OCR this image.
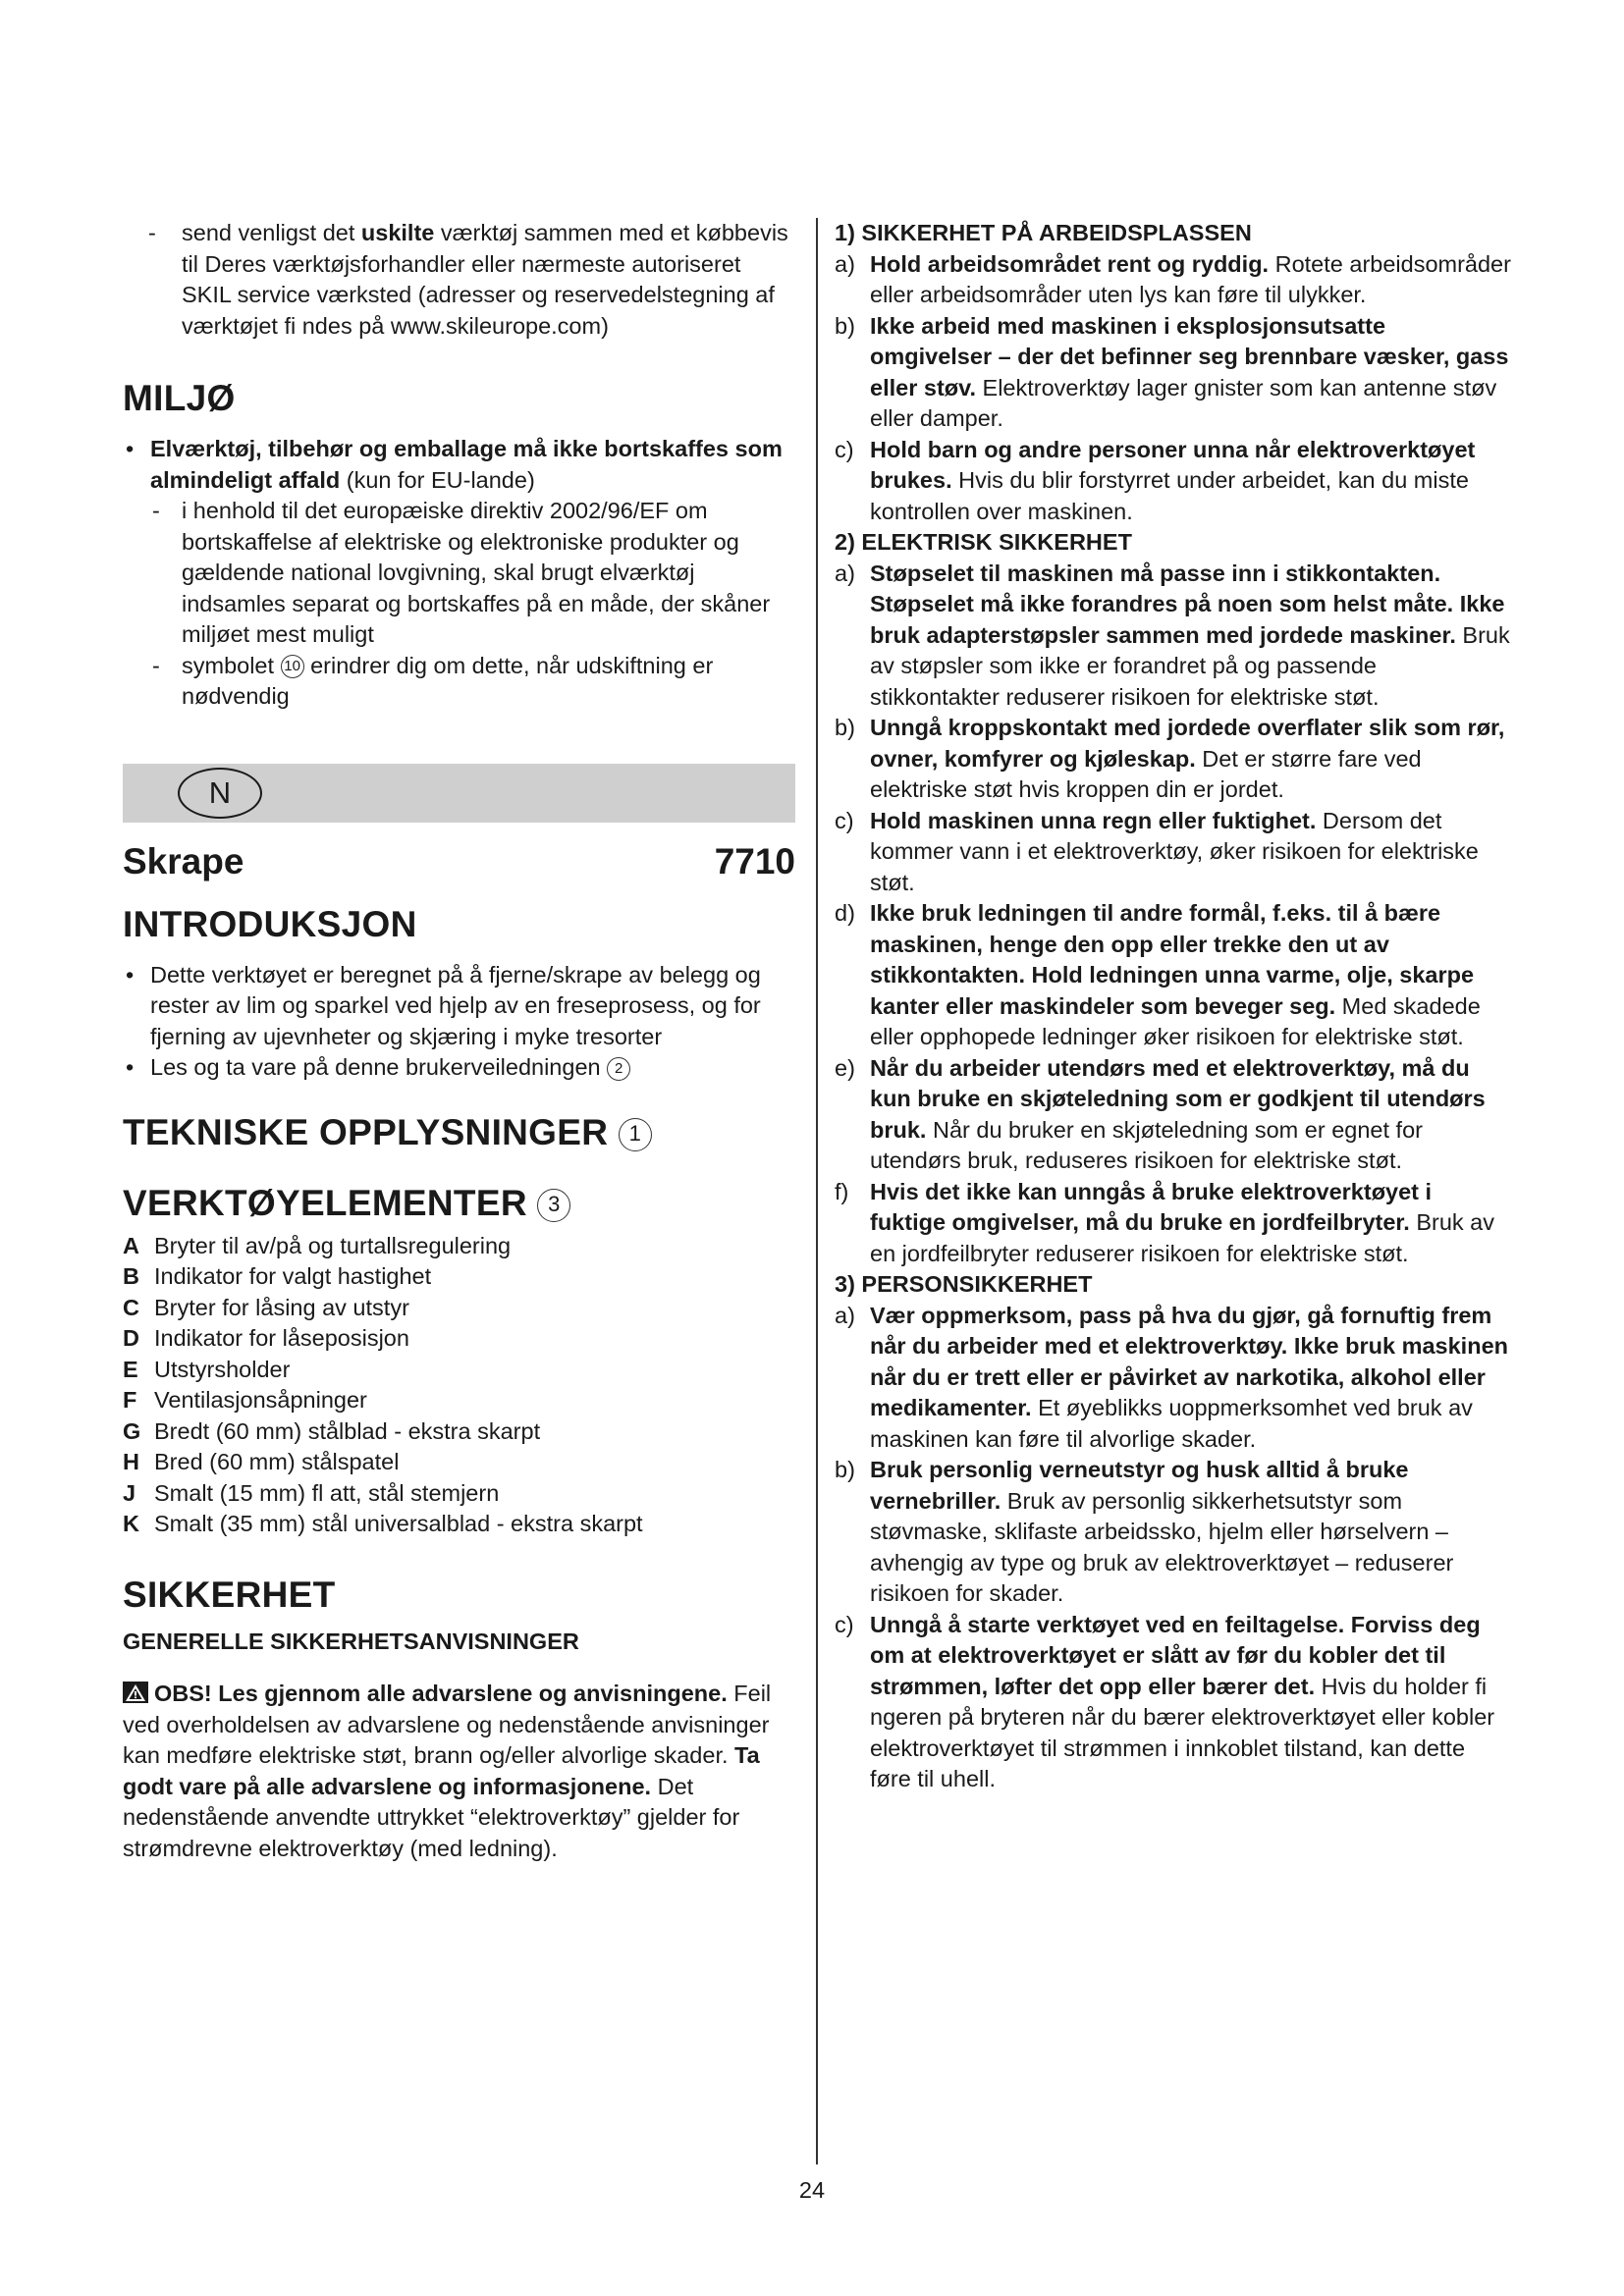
- send venligst det uskilte værktøj sammen med et købbevis til Deres værktøjsforhandler eller nærmeste autoriseret SKIL service værksted (adresser og reservedelstegning af værktøjet fi ndes på www.skileurope.com)
MILJØ
• Elværktøj, tilbehør og emballage må ikke bortskaffes som almindeligt affald (kun for EU-lande)
- i henhold til det europæiske direktiv 2002/96/EF om bortskaffelse af elektriske og elektroniske produkter og gældende national lovgivning, skal brugt elværktøj indsamles separat og bortskaffes på en måde, der skåner miljøet mest muligt
- symbolet 10 erindrer dig om dette, når udskiftning er nødvendig
N
Skrape	7710
INTRODUKSJON
• Dette verktøyet er beregnet på å fjerne/skrape av belegg og rester av lim og sparkel ved hjelp av en freseprosess, og for fjerning av ujevnheter og skjæring i myke tresorter
• Les og ta vare på denne brukerveiledningen 2
TEKNISKE OPPLYSNINGER 1
VERKTØYELEMENTER 3
A Bryter til av/på og turtallsregulering
B Indikator for valgt hastighet
C Bryter for låsing av utstyr
D Indikator for låseposisjon
E Utstyrsholder
F Ventilasjonsåpninger
G Bredt (60 mm) stålblad - ekstra skarpt
H Bred (60 mm) stålspatel
J Smalt (15 mm) fl att, stål stemjern
K Smalt (35 mm) stål universalblad - ekstra skarpt
SIKKERHET
GENERELLE SIKKERHETSANVISNINGER
OBS! Les gjennom alle advarslene og anvisningene. Feil ved overholdelsen av advarslene og nedenstående anvisninger kan medføre elektriske støt, brann og/eller alvorlige skader. Ta godt vare på alle advarslene og informasjonene. Det nedenstående anvendte uttrykket “elektroverktøy” gjelder for strømdrevne elektroverktøy (med ledning).
1) SIKKERHET PÅ ARBEIDSPLASSEN
a) Hold arbeidsområdet rent og ryddig. Rotete arbeidsområder eller arbeidsområder uten lys kan føre til ulykker.
b) Ikke arbeid med maskinen i eksplosjonsutsatte omgivelser – der det befinner seg brennbare væsker, gass eller støv. Elektroverktøy lager gnister som kan antenne støv eller damper.
c) Hold barn og andre personer unna når elektroverktøyet brukes. Hvis du blir forstyrret under arbeidet, kan du miste kontrollen over maskinen.
2) ELEKTRISK SIKKERHET
a) Støpselet til maskinen må passe inn i stikkontakten. Støpselet må ikke forandres på noen som helst måte. Ikke bruk adapterstøpsler sammen med jordede maskiner. Bruk av støpsler som ikke er forandret på og passende stikkontakter reduserer risikoen for elektriske støt.
b) Unngå kroppskontakt med jordede overflater slik som rør, ovner, komfyrer og kjøleskap. Det er større fare ved elektriske støt hvis kroppen din er jordet.
c) Hold maskinen unna regn eller fuktighet. Dersom det kommer vann i et elektroverktøy, øker risikoen for elektriske støt.
d) Ikke bruk ledningen til andre formål, f.eks. til å bære maskinen, henge den opp eller trekke den ut av stikkontakten. Hold ledningen unna varme, olje, skarpe kanter eller maskindeler som beveger seg. Med skadede eller opphopede ledninger øker risikoen for elektriske støt.
e) Når du arbeider utendørs med et elektroverktøy, må du kun bruke en skjøteledning som er godkjent til utendørs bruk. Når du bruker en skjøteledning som er egnet for utendørs bruk, reduseres risikoen for elektriske støt.
f) Hvis det ikke kan unngås å bruke elektroverktøyet i fuktige omgivelser, må du bruke en jordfeilbryter. Bruk av en jordfeilbryter reduserer risikoen for elektriske støt.
3) PERSONSIKKERHET
a) Vær oppmerksom, pass på hva du gjør, gå fornuftig frem når du arbeider med et elektroverktøy. Ikke bruk maskinen når du er trett eller er påvirket av narkotika, alkohol eller medikamenter. Et øyeblikks uoppmerksomhet ved bruk av maskinen kan føre til alvorlige skader.
b) Bruk personlig verneutstyr og husk alltid å bruke vernebriller. Bruk av personlig sikkerhetsutstyr som støvmaske, sklifaste arbeidssko, hjelm eller hørselvern – avhengig av type og bruk av elektroverktøyet – reduserer risikoen for skader.
c) Unngå å starte verktøyet ved en feiltagelse. Forviss deg om at elektroverktøyet er slått av før du kobler det til strømmen, løfter det opp eller bærer det. Hvis du holder fi ngeren på bryteren når du bærer elektroverktøyet eller kobler elektroverktøyet til strømmen i innkoblet tilstand, kan dette føre til uhell.
24
